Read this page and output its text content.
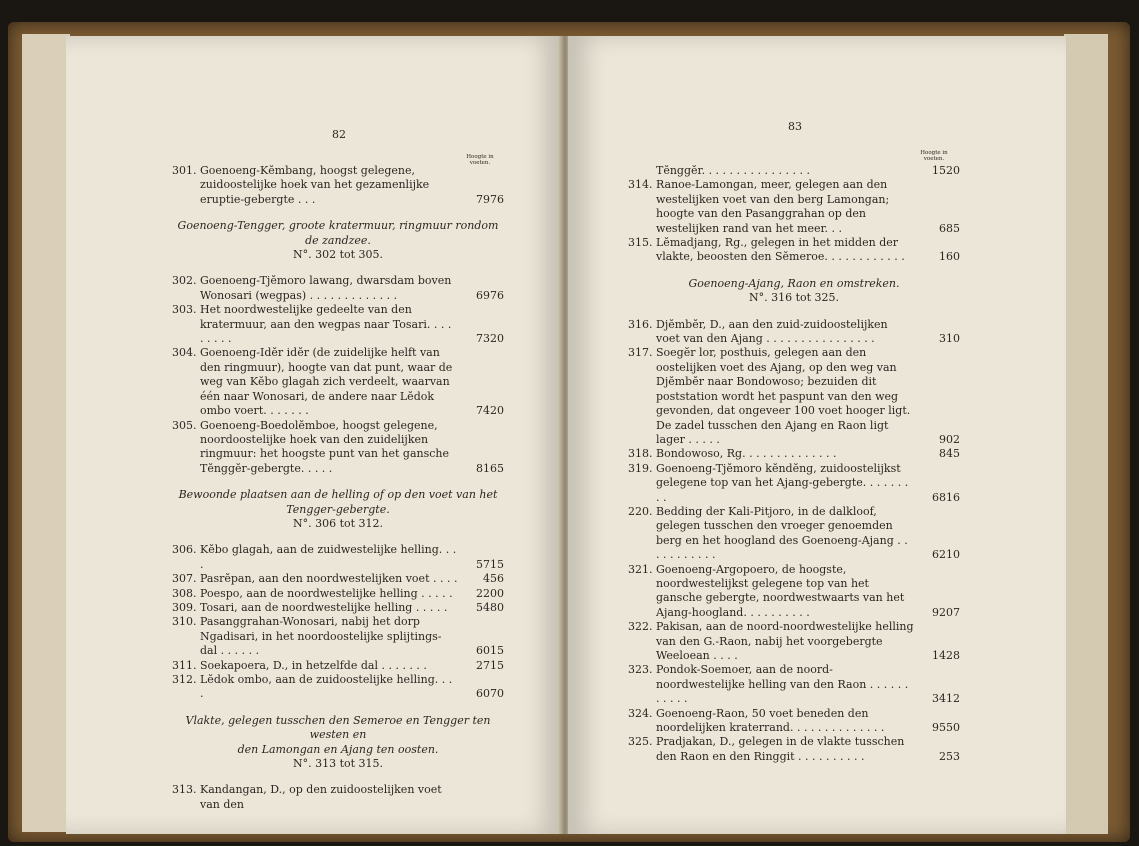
82
Hoogte in
voeten.
301. Goenoeng-Kĕmbang, hoogst gelegene, zuidoostelijke hoek van het gezamenlijke eruptie-gebergte . . .	7976
Goenoeng-Tengger, groote kratermuur, ringmuur rondom de zandzee.
N°. 302 tot 305.
302. Goenoeng-Tjĕmoro lawang, dwarsdam boven Wonosari (wegpas) . . . . . . . . . . . . .	6976
303. Het noordwestelijke gedeelte van den kratermuur, aan den wegpas naar Tosari. . . . . . . . .	7320
304. Goenoeng-Idĕr idĕr (de zuidelijke helft van den ringmuur), hoogte van dat punt, waar de weg van Kĕbo glagah zich verdeelt, waarvan één naar Wonosari, de andere naar Lĕdok ombo voert. . . . . . .	7420
305. Goenoeng-Boedolĕmboe, hoogst gelegene, noordoostelijke hoek van den zuidelijken ringmuur: het hoogste punt van het gansche Tĕnggĕr-gebergte. . . . .	8165
Bewoonde plaatsen aan de helling of op den voet van het
Tengger-gebergte.
N°. 306 tot 312.
306. Kĕbo glagah, aan de zuidwestelijke helling. . . .	5715
307. Pasrĕpan, aan den noordwestelijken voet . . . .	456
308. Poespo, aan de noordwestelijke helling . . . . .	2200
309. Tosari, aan de noordwestelijke helling . . . . .	5480
310. Pasanggrahan-Wonosari, nabij het dorp Ngadisari, in het noordoostelijke splijtings-dal . . . . . .	6015
311. Soekapoera, D., in hetzelfde dal . . . . . . .	2715
312. Lĕdok ombo, aan de zuidoostelijke helling. . . .	6070
Vlakte, gelegen tusschen den Semeroe en Tengger ten westen en
den Lamongan en Ajang ten oosten.
N°. 313 tot 315.
313. Kandangan, D., op den zuidoostelijken voet van den
83
Hoogte in
voeten.
Tĕnggĕr. . . . . . . . . . . . . . . .	1520
314. Ranoe-Lamongan, meer, gelegen aan den westelijken voet van den berg Lamongan; hoogte van den Pasanggrahan op den westelijken rand van het meer. . .	685
315. Lĕmadjang, Rg., gelegen in het midden der vlakte, beoosten den Sĕmeroe. . . . . . . . . . . .	160
Goenoeng-Ajang, Raon en omstreken.
N°. 316 tot 325.
316. Djĕmbĕr, D., aan den zuid-zuidoostelijken voet van den Ajang . . . . . . . . . . . . . . . .	310
317. Soegĕr lor, posthuis, gelegen aan den oostelijken voet des Ajang, op den weg van Djĕmbĕr naar Bondowoso; bezuiden dit poststation wordt het paspunt van den weg gevonden, dat ongeveer 100 voet hooger ligt. De zadel tusschen den Ajang en Raon ligt lager . . . . .	902
318. Bondowoso, Rg. . . . . . . . . . . . . .	845
319. Goenoeng-Tjĕmoro kĕndĕng, zuidoostelijkst gelegene top van het Ajang-gebergte. . . . . . . . .	6816
220. Bedding der Kali-Pitjoro, in de dalkloof, gelegen tusschen den vroeger genoemden berg en het hoogland des Goenoeng-Ajang . . . . . . . . . . .	6210
321. Goenoeng-Argopoero, de hoogste, noordwestelijkst gelegene top van het gansche gebergte, noordwestwaarts van het Ajang-hoogland. . . . . . . . . .	9207
322. Pakisan, aan de noord-noordwestelijke helling van den G.-Raon, nabij het voorgebergte Weeloean . . . .	1428
323. Pondok-Soemoer, aan de noord-noordwestelijke helling van den Raon . . . . . . . . . . .	3412
324. Goenoeng-Raon, 50 voet beneden den noordelijken kraterrand. . . . . . . . . . . . . .	9550
325. Pradjakan, D., gelegen in de vlakte tusschen den Raon en den Ringgit . . . . . . . . . .	253
